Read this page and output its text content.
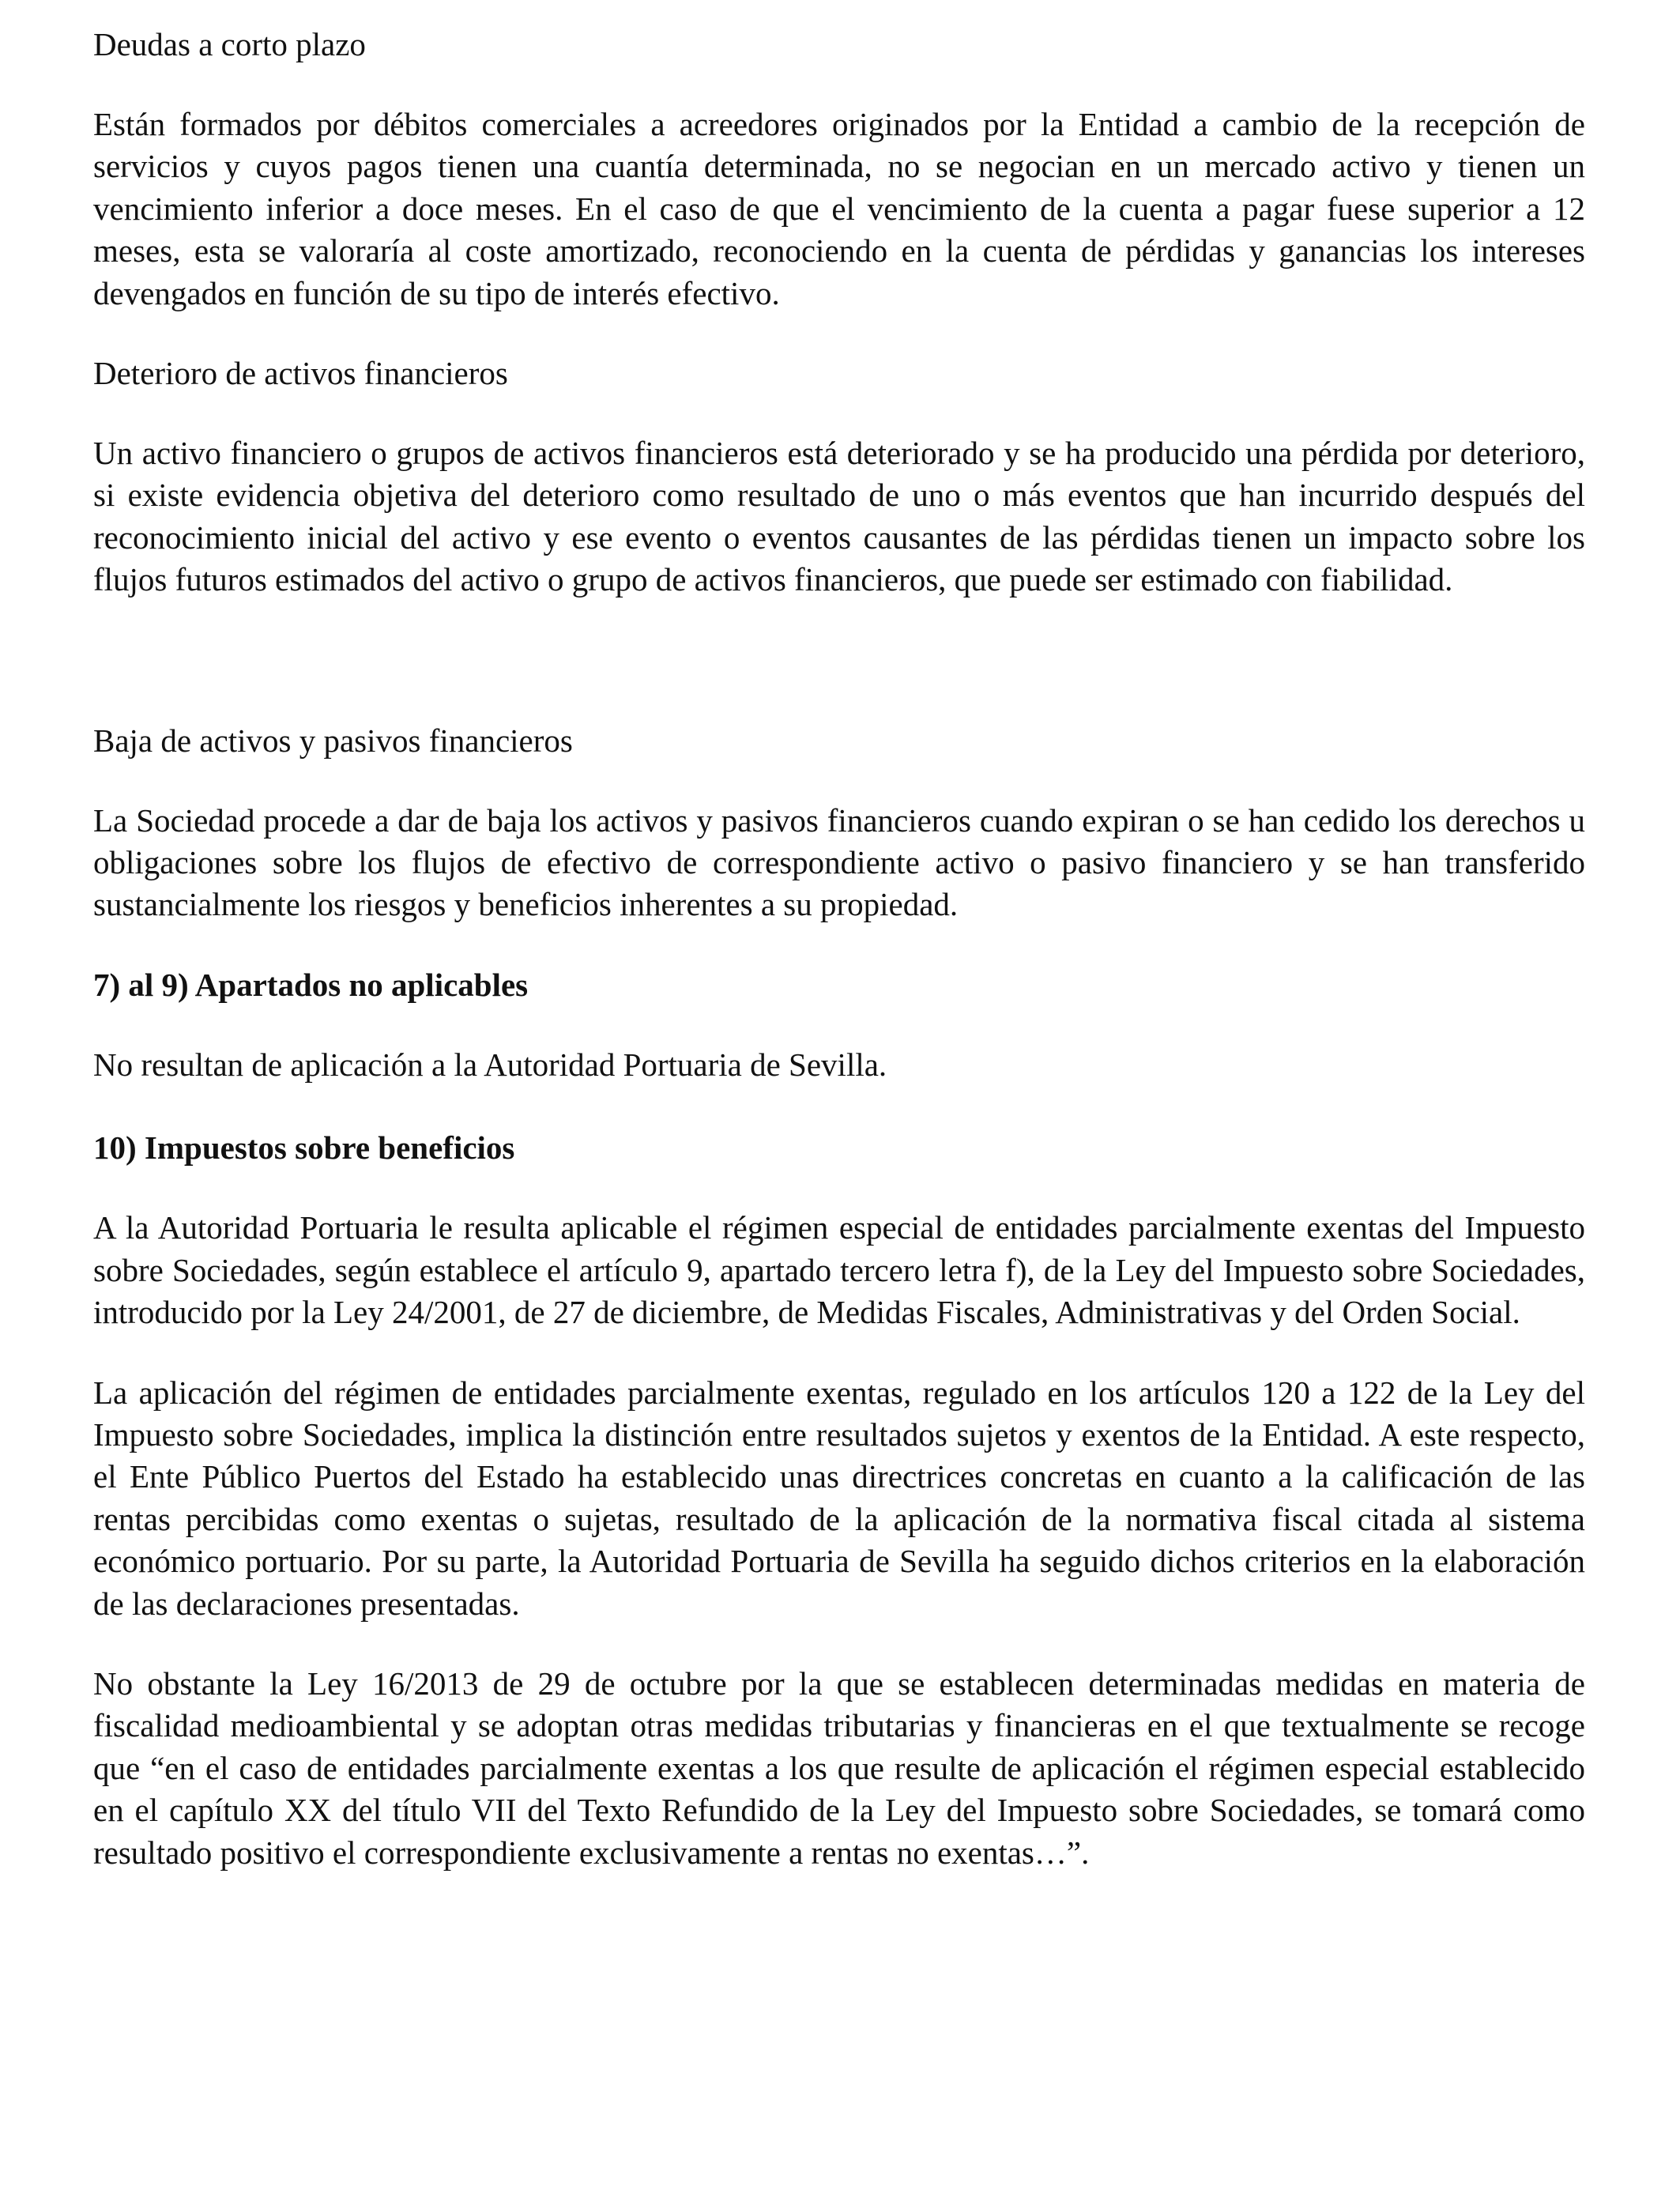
Deudas a corto plazo

Están formados por débitos comerciales a acreedores originados por la Entidad a cambio de la recepción de servicios y cuyos pagos tienen una cuantía determinada, no se negocian en un mercado activo y tienen un vencimiento inferior a doce meses. En el caso de que el vencimiento de la cuenta a pagar fuese superior a 12 meses, esta se valoraría al coste amortizado, reconociendo en la cuenta de pérdidas y ganancias los intereses devengados en función de su tipo de interés efectivo.

Deterioro de activos financieros

Un activo financiero o grupos de activos financieros está deteriorado y se ha producido una pérdida por deterioro, si existe evidencia objetiva del deterioro como resultado de uno o más eventos que han incurrido después del reconocimiento inicial del activo y ese evento o eventos causantes de las pérdidas tienen un impacto sobre los flujos futuros estimados del activo o grupo de activos financieros, que puede ser estimado con fiabilidad.

Baja de activos y pasivos financieros

La Sociedad procede a dar de baja los activos y pasivos financieros cuando expiran o se han cedido los derechos u obligaciones sobre los flujos de efectivo de correspondiente activo o pasivo financiero y se han transferido sustancialmente los riesgos y beneficios inherentes a su propiedad.

7) al 9) Apartados no aplicables

No resultan de aplicación a la Autoridad Portuaria de Sevilla.

10) Impuestos sobre beneficios

A la Autoridad Portuaria le resulta aplicable el régimen especial de entidades parcialmente exentas del Impuesto sobre Sociedades, según establece el artículo 9, apartado tercero letra f), de la Ley del Impuesto sobre Sociedades, introducido por la Ley 24/2001, de 27 de diciembre, de Medidas Fiscales, Administrativas y del Orden Social.

La aplicación del régimen de entidades parcialmente exentas, regulado en los artículos 120 a 122 de la Ley del Impuesto sobre Sociedades, implica la distinción entre resultados sujetos y exentos de la Entidad. A este respecto, el Ente Público Puertos del Estado ha establecido unas directrices concretas en cuanto a la calificación de las rentas percibidas como exentas o sujetas, resultado de la aplicación de la normativa fiscal citada al sistema económico portuario. Por su parte, la Autoridad Portuaria de Sevilla ha seguido dichos criterios en la elaboración de las declaraciones presentadas.

No obstante la Ley 16/2013 de 29 de octubre por la que se establecen determinadas medidas en materia de fiscalidad medioambiental y se adoptan otras medidas tributarias y financieras en el que textualmente se recoge que “en el caso de entidades parcialmente exentas a los que resulte de aplicación el régimen especial establecido en el capítulo XX del título VII del Texto Refundido de la Ley del Impuesto sobre Sociedades, se tomará como resultado positivo el correspondiente exclusivamente a rentas no exentas…”.
